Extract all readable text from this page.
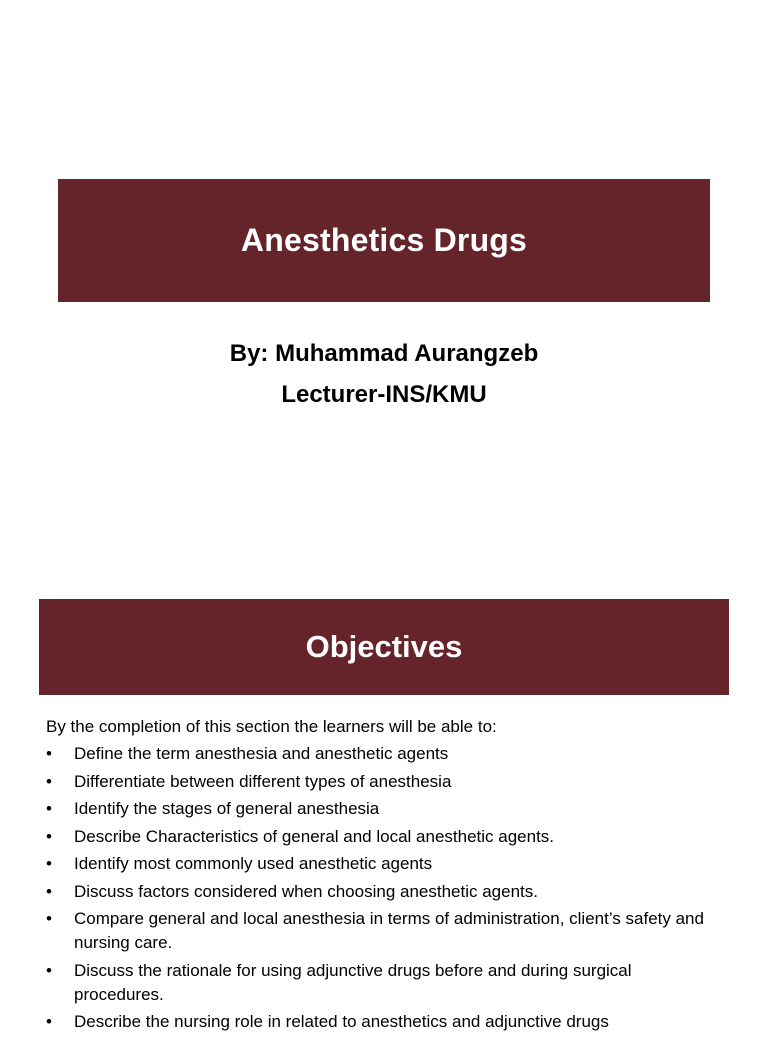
Anesthetics Drugs
By: Muhammad Aurangzeb
Lecturer-INS/KMU
Objectives

By the completion of this section the learners will be able to:

•	Define the term anesthesia and anesthetic agents
•	Differentiate between different types of anesthesia
•	Identify the stages of general anesthesia
•	Describe Characteristics of general and local anesthetic agents.
•	Identify most commonly used anesthetic agents
•	Discuss factors considered when choosing anesthetic agents.
•	Compare general and local anesthesia in terms of administration, client’s safety and nursing care.
•	Discuss the rationale for using adjunctive drugs before and during surgical procedures.
•	Describe the nursing role in related to anesthetics and adjunctive drugs
